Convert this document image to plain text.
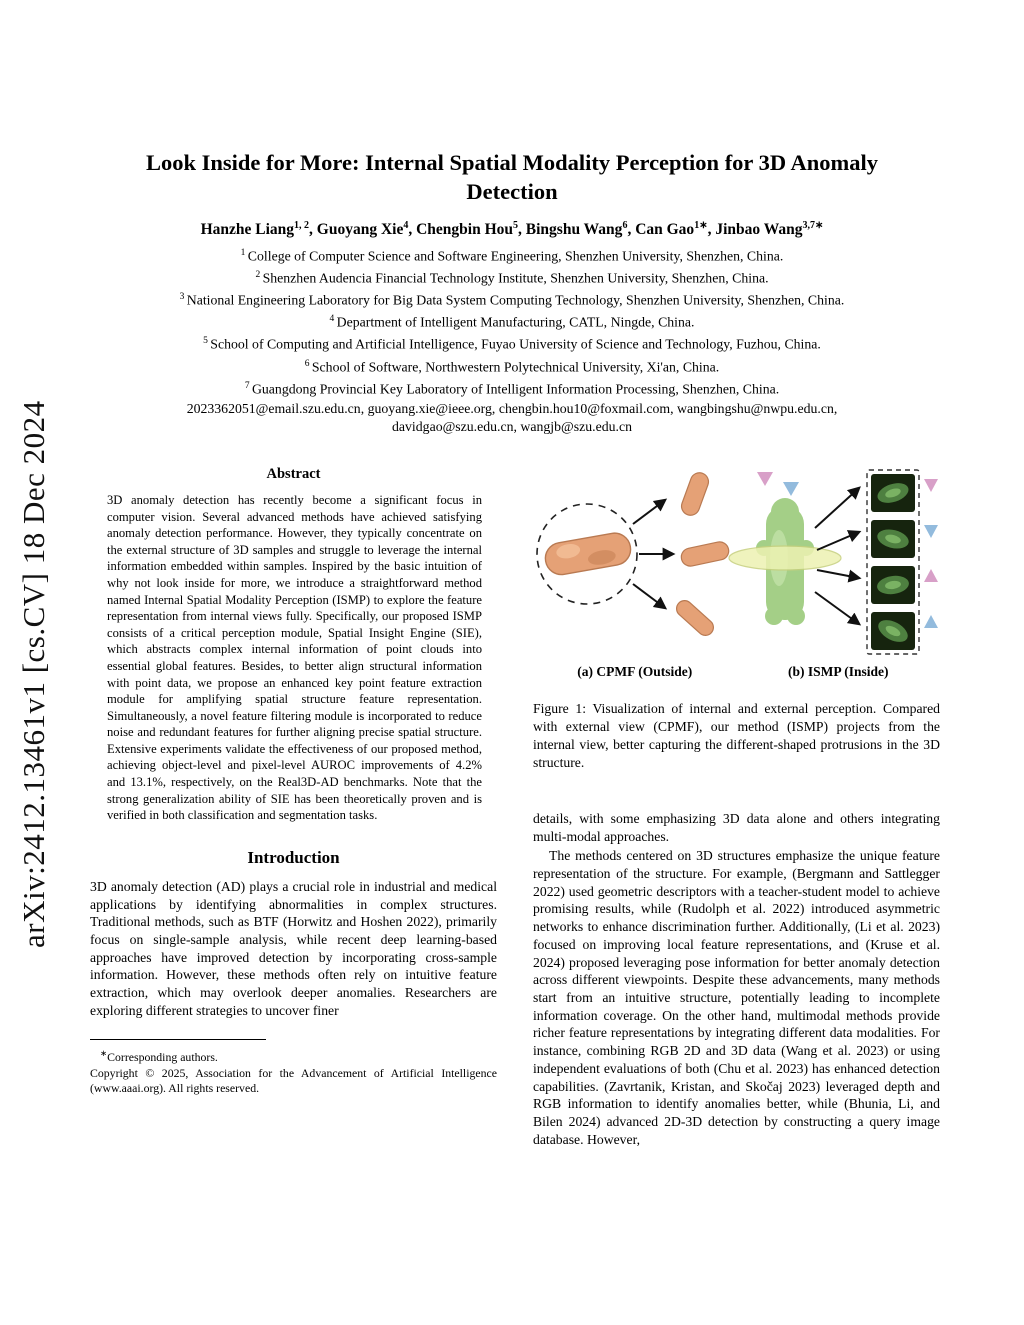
arXiv:2412.13461v1 [cs.CV] 18 Dec 2024
Look Inside for More: Internal Spatial Modality Perception for 3D Anomaly Detection
Hanzhe Liang$^{1, 2}$, Guoyang Xie$^4$, Chengbin Hou$^5$, Bingshu Wang$^6$, Can Gao$^{1∗}$, Jinbao Wang$^{3,7∗}$
$^1$ College of Computer Science and Software Engineering, Shenzhen University, Shenzhen, China.
$^2$ Shenzhen Audencia Financial Technology Institute, Shenzhen University, Shenzhen, China.
$^3$ National Engineering Laboratory for Big Data System Computing Technology, Shenzhen University, Shenzhen, China.
$^4$ Department of Intelligent Manufacturing, CATL, Ningde, China.
$^5$ School of Computing and Artificial Intelligence, Fuyao University of Science and Technology, Fuzhou, China.
$^6$ School of Software, Northwestern Polytechnical University, Xi'an, China.
$^7$ Guangdong Provincial Key Laboratory of Intelligent Information Processing, Shenzhen, China.
2023362051@email.szu.edu.cn, guoyang.xie@ieee.org, chengbin.hou10@foxmail.com, wangbingshu@nwpu.edu.cn,
davidgao@szu.edu.cn, wangjb@szu.edu.cn
Abstract

3D anomaly detection has recently become a significant focus in computer vision. Several advanced methods have achieved satisfying anomaly detection performance. However, they typically concentrate on the external structure of 3D samples and struggle to leverage the internal information embedded within samples. Inspired by the basic intuition of why not look inside for more, we introduce a straightforward method named Internal Spatial Modality Perception (ISMP) to explore the feature representation from internal views fully. Specifically, our proposed ISMP consists of a critical perception module, Spatial Insight Engine (SIE), which abstracts complex internal information of point clouds into essential global features. Besides, to better align structural information with point data, we propose an enhanced key point feature extraction module for amplifying spatial structure feature representation. Simultaneously, a novel feature filtering module is incorporated to reduce noise and redundant features for further aligning precise spatial structure. Extensive experiments validate the effectiveness of our proposed method, achieving object-level and pixel-level AUROC improvements of 4.2% and 13.1%, respectively, on the Real3D-AD benchmarks. Note that the strong generalization ability of SIE has been theoretically proven and is verified in both classification and segmentation tasks.

Introduction

3D anomaly detection (AD) plays a crucial role in industrial and medical applications by identifying abnormalities in complex structures. Traditional methods, such as BTF (Horwitz and Hoshen 2022), primarily focus on single-sample analysis, while recent deep learning-based approaches have improved detection by incorporating cross-sample information. However, these methods often rely on intuitive feature extraction, which may overlook deeper anomalies. Researchers are exploring different strategies to uncover finer

∗Corresponding authors.
Copyright © 2025, Association for the Advancement of Artificial Intelligence (www.aaai.org). All rights reserved.
(a) CPMF (Outside)	(b) ISMP (Inside)
Figure 1: Visualization of internal and external perception. Compared with external view (CPMF), our method (ISMP) projects from the internal view, better capturing the different-shaped protrusions in the 3D structure.

details, with some emphasizing 3D data alone and others integrating multi-modal approaches.

The methods centered on 3D structures emphasize the unique feature representation of the structure. For example, (Bergmann and Sattlegger 2022) used geometric descriptors with a teacher-student model to achieve promising results, while (Rudolph et al. 2022) introduced asymmetric networks to enhance discrimination further. Additionally, (Li et al. 2023) focused on improving local feature representations, and (Kruse et al. 2024) proposed leveraging pose information for better anomaly detection across different viewpoints. Despite these advancements, many methods start from an intuitive structure, potentially leading to incomplete information coverage. On the other hand, multimodal methods provide richer feature representations by integrating different data modalities. For instance, combining RGB 2D and 3D data (Wang et al. 2023) or using independent evaluations of both (Chu et al. 2023) has enhanced detection capabilities. (Zavrtanik, Kristan, and Skočaj 2023) leveraged depth and RGB information to identify anomalies better, while (Bhunia, Li, and Bilen 2024) advanced 2D-3D detection by constructing a query image database. However,
